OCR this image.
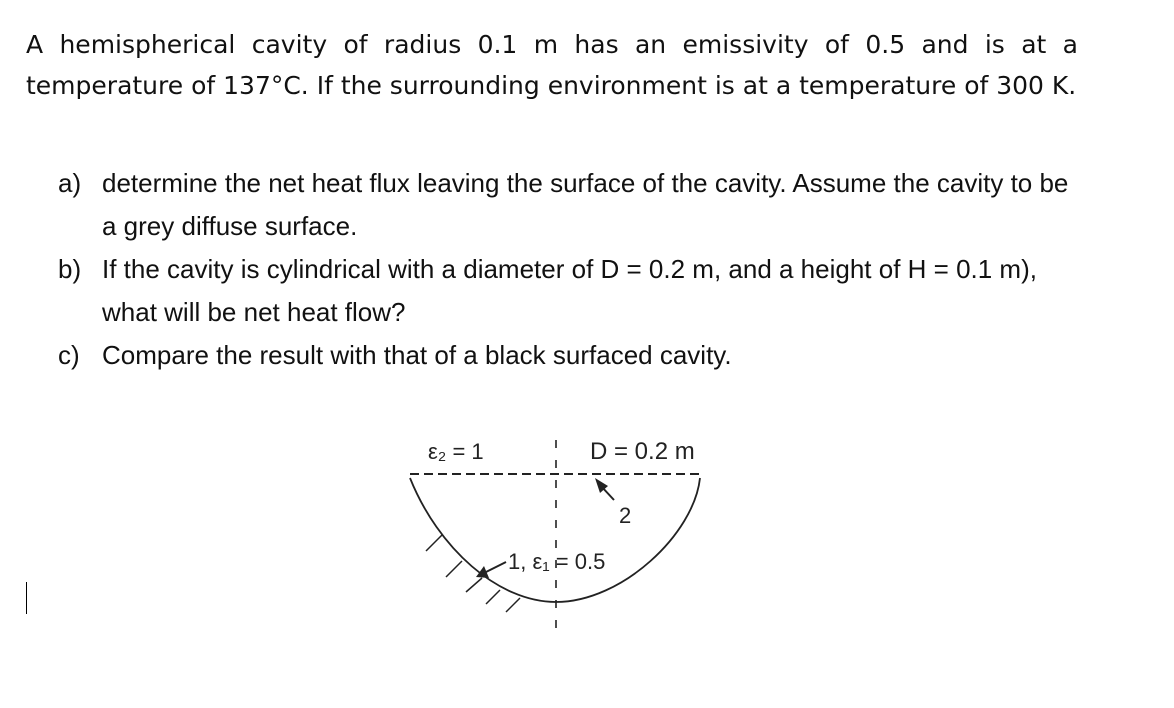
A hemispherical cavity of radius 0.1 m has an emissivity of 0.5 and is at a temperature of 137°C. If the surrounding environment is at a temperature of 300 K.

a) determine the net heat flux leaving the surface of the cavity. Assume the cavity to be a grey diffuse surface.
b) If the cavity is cylindrical with a diameter of D = 0.2 m, and a height of H = 0.1 m), what will be net heat flow?
c) Compare the result with that of a black surfaced cavity.
ε₂ = 1	D = 0.2 m
2
1, ε₁ = 0.5
